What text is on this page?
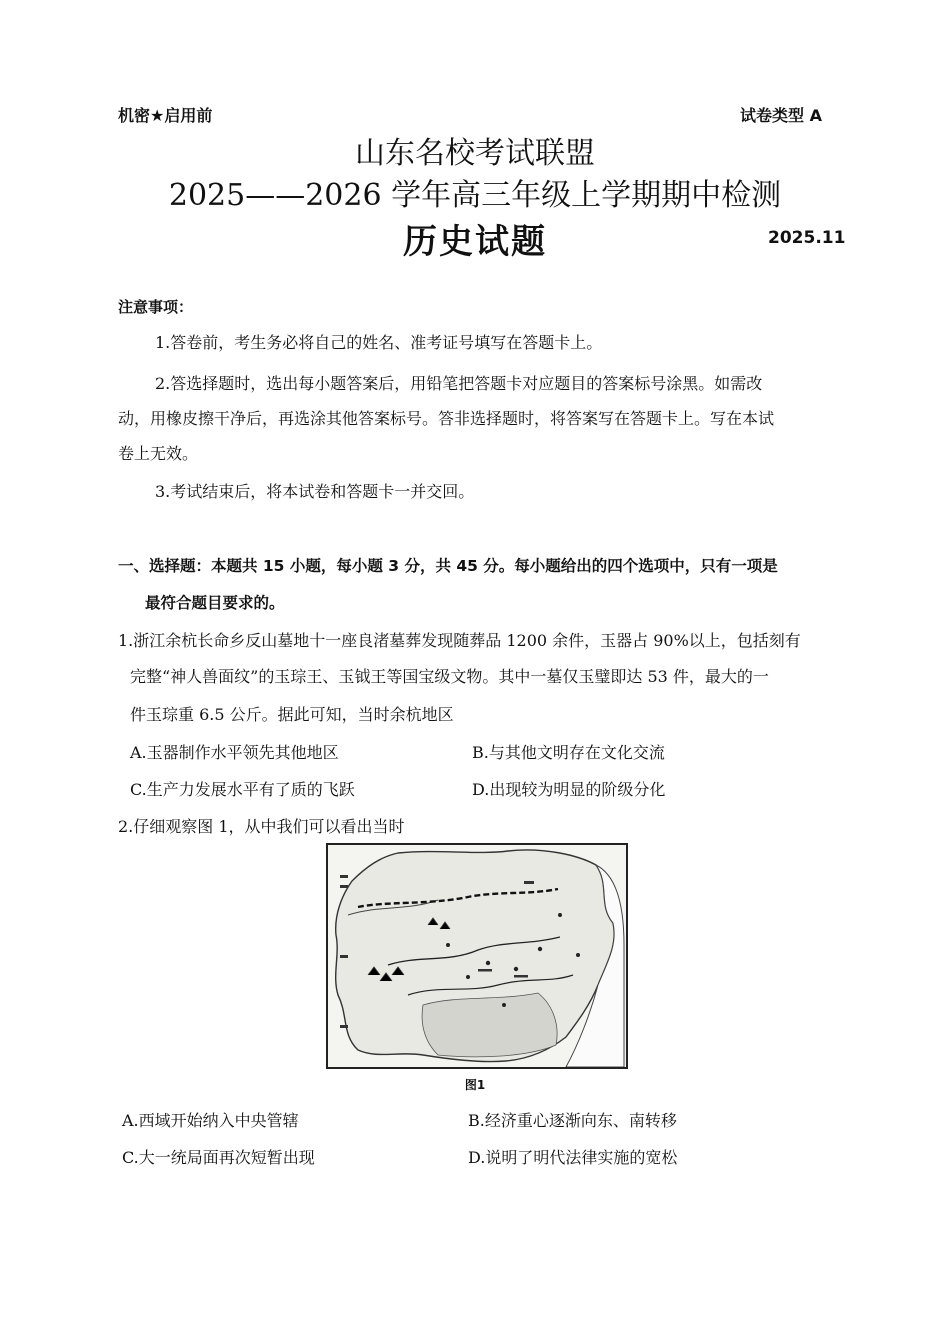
机密★启用前	试卷类型 A
山东名校考试联盟
2025——2026 学年高三年级上学期期中检测
历史试题	2025.11
注意事项：
1.答卷前，考生务必将自己的姓名、准考证号填写在答题卡上。
2.答选择题时，选出每小题答案后，用铅笔把答题卡对应题目的答案标号涂黑。如需改
动，用橡皮擦干净后，再选涂其他答案标号。答非选择题时，将答案写在答题卡上。写在本试
卷上无效。
3.考试结束后，将本试卷和答题卡一并交回。
一、选择题：本题共 15 小题，每小题 3 分，共 45 分。每小题给出的四个选项中，只有一项是
最符合题目要求的。
1.浙江余杭长命乡反山墓地十一座良渚墓葬发现随葬品 1200 余件，玉器占 90%以上，包括刻有
完整“神人兽面纹”的玉琮王、玉钺王等国宝级文物。其中一墓仅玉璧即达 53 件，最大的一
件玉琮重 6.5 公斤。据此可知，当时余杭地区
A.玉器制作水平领先其他地区	B.与其他文明存在文化交流
C.生产力发展水平有了质的飞跃	D.出现较为明显的阶级分化
2.仔细观察图 1，从中我们可以看出当时
图1
A.西域开始纳入中央管辖	B.经济重心逐渐向东、南转移
C.大一统局面再次短暂出现	D.说明了明代法律实施的宽松
